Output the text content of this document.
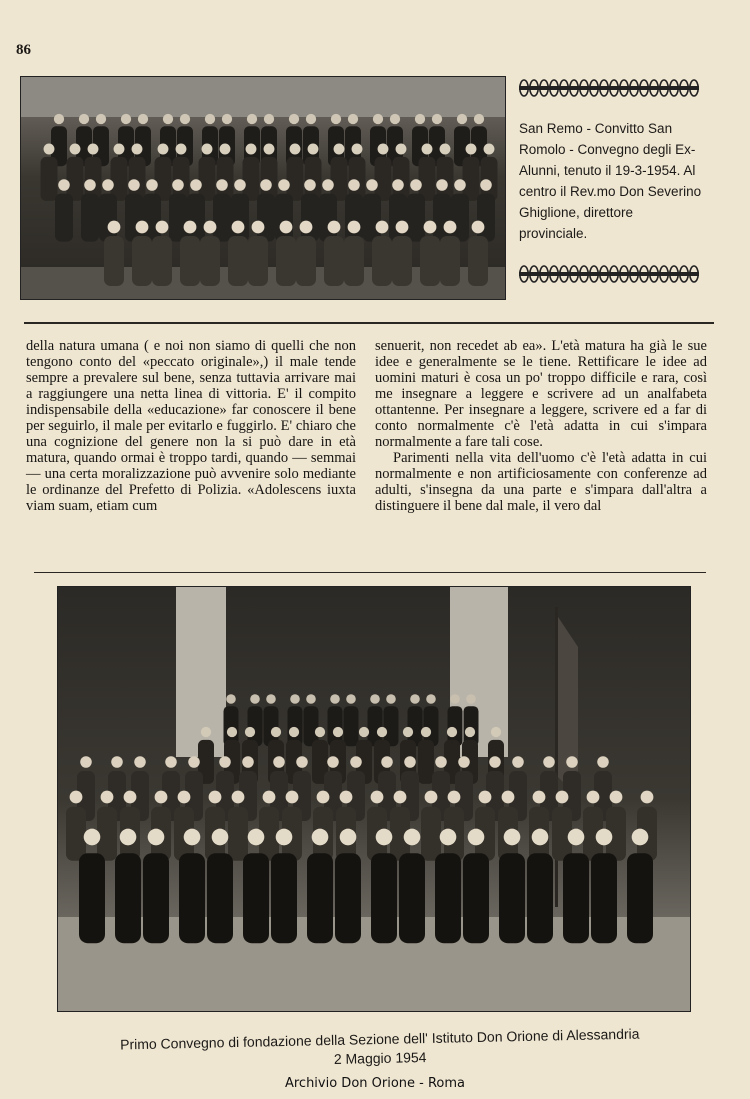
86
San Remo - Convitto San Romolo - Convegno degli Ex-Alunni, tenuto il 19-3-1954. Al centro il Rev.mo Don Severino Ghiglione, direttore provinciale.

della natura umana ( e noi non siamo di quelli che non tengono conto del «peccato originale»,) il male tende sempre a prevalere sul bene, senza tuttavia arrivare mai a raggiungere una netta linea di vittoria. E' il compito indispensabile della «educazione» far conoscere il bene per seguirlo, il male per evitarlo e fuggirlo. E' chiaro che una cognizione del genere non la si può dare in età matura, quando ormai è troppo tardi, quando — semmai — una certa moralizzazione può avvenire solo mediante le ordinanze del Prefetto di Polizia. «Adolescens iuxta viam suam, etiam cum

senuerit, non recedet ab ea». L'età matura ha già le sue idee e generalmente se le tiene. Rettificare le idee ad uomini maturi è cosa un po' troppo difficile e rara, così me insegnare a leggere e scrivere ad un analfabeta ottantenne. Per insegnare a leggere, scrivere ed a far di conto normalmente c'è l'età adatta in cui s'impara normalmente a fare tali cose.

Parimenti nella vita dell'uomo c'è l'età adatta in cui normalmente e non artificiosamente con conferenze ad adulti, s'insegna da una parte e s'impara dall'altra a distinguere il bene dal male, il vero dal

Primo Convegno di fondazione della Sezione dell' Istituto Don Orione di Alessandria
2 Maggio 1954
Archivio Don Orione - Roma
